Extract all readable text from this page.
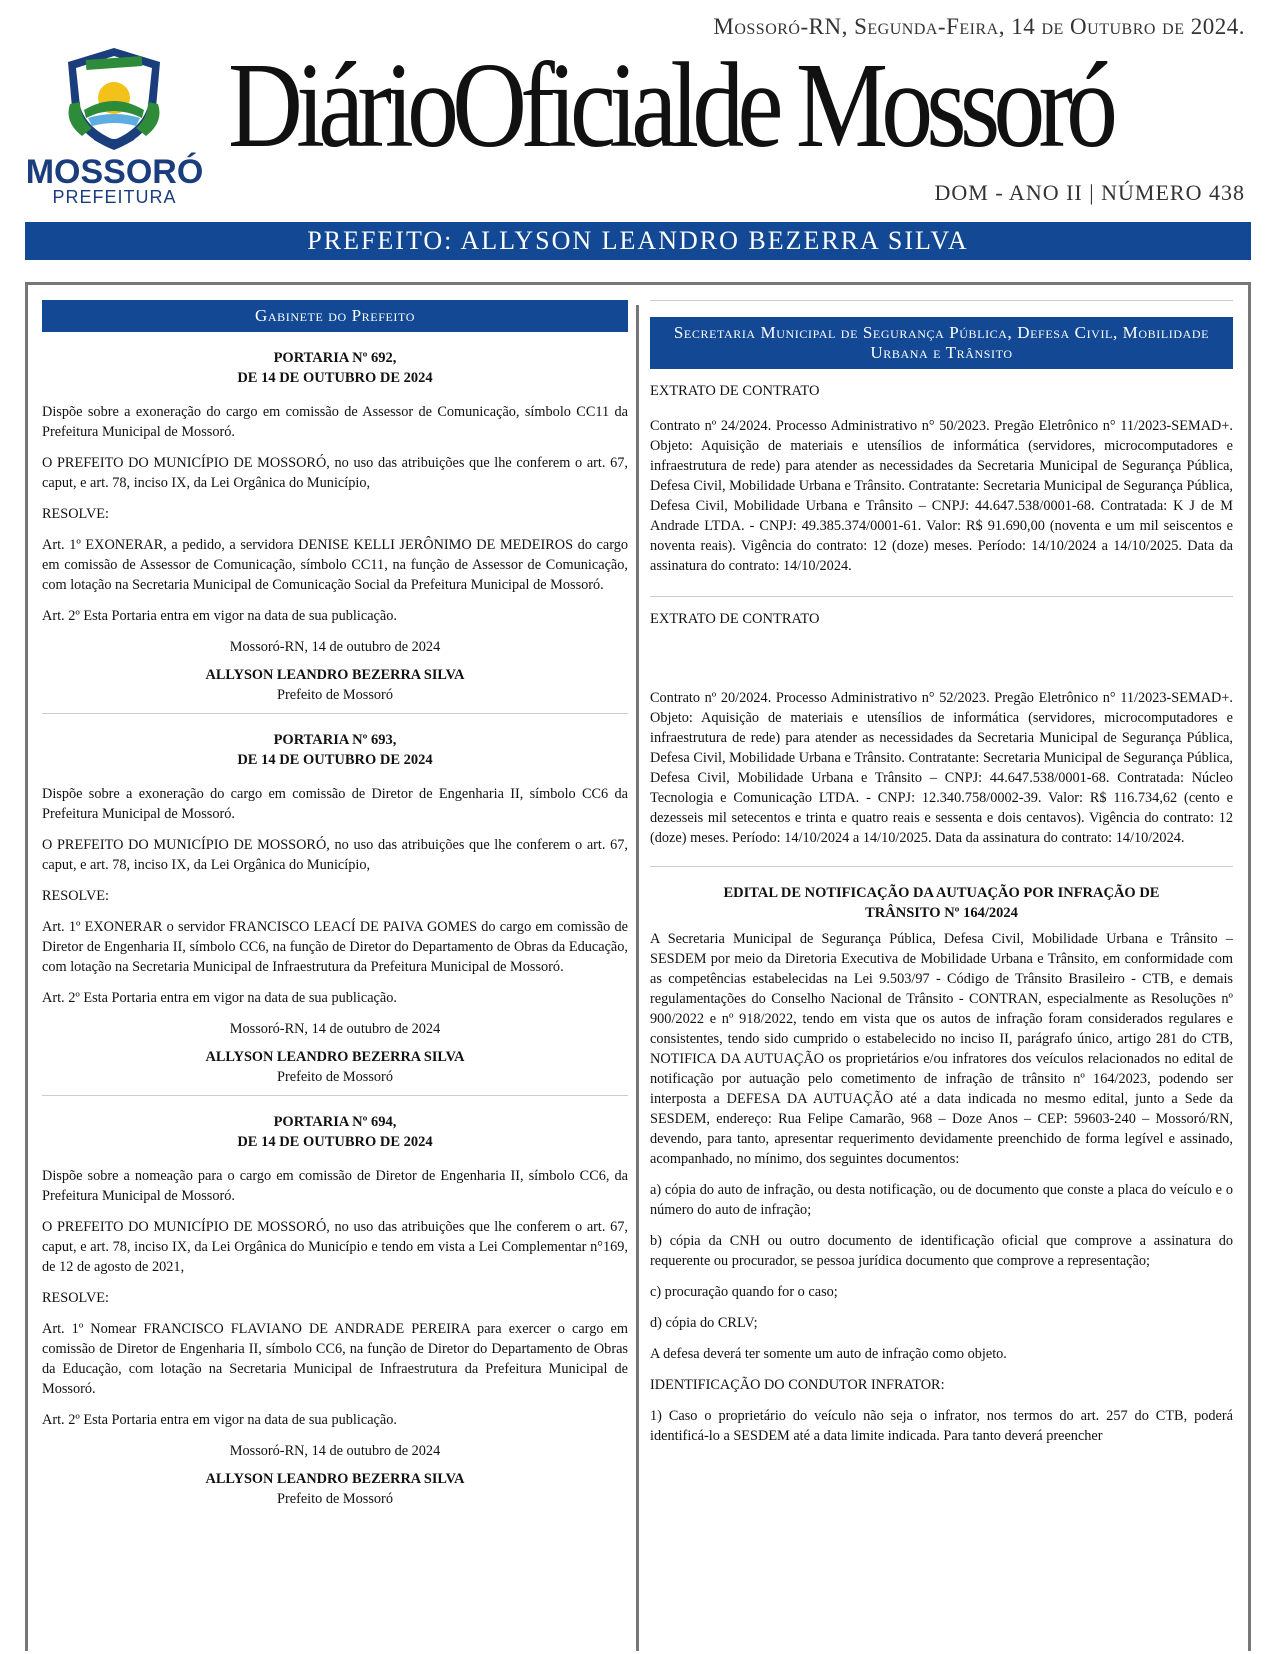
MOSSORÓ
PREFEITURA
Mossoró-RN, Segunda-Feira, 14 de Outubro de 2024.
DiárioOficialde Mossoró
DOM - ANO II | NÚMERO 438
PREFEITO: ALLYSON LEANDRO BEZERRA SILVA
Gabinete do Prefeito
PORTARIA Nº 692,
DE 14 DE OUTUBRO DE 2024

Dispõe sobre a exoneração do cargo em comissão de Assessor de Comunicação, símbolo CC11 da Prefeitura Municipal de Mossoró.

O PREFEITO DO MUNICÍPIO DE MOSSORÓ, no uso das atribuições que lhe conferem o art. 67, caput, e art. 78, inciso IX, da Lei Orgânica do Município,

RESOLVE:

Art. 1º EXONERAR, a pedido, a servidora DENISE KELLI JERÔNIMO DE MEDEIROS do cargo em comissão de Assessor de Comunicação, símbolo CC11, na função de Assessor de Comunicação, com lotação na Secretaria Municipal de Comunicação Social da Prefeitura Municipal de Mossoró.

Art. 2º Esta Portaria entra em vigor na data de sua publicação.

Mossoró-RN, 14 de outubro de 2024

ALLYSON LEANDRO BEZERRA SILVA
Prefeito de Mossoró
PORTARIA Nº 693,
DE 14 DE OUTUBRO DE 2024

Dispõe sobre a exoneração do cargo em comissão de Diretor de Engenharia II, símbolo CC6 da Prefeitura Municipal de Mossoró.

O PREFEITO DO MUNICÍPIO DE MOSSORÓ, no uso das atribuições que lhe conferem o art. 67, caput, e art. 78, inciso IX, da Lei Orgânica do Município,

RESOLVE:

Art. 1º EXONERAR o servidor FRANCISCO LEACÍ DE PAIVA GOMES do cargo em comissão de Diretor de Engenharia II, símbolo CC6, na função de Diretor do Departamento de Obras da Educação, com lotação na Secretaria Municipal de Infraestrutura da Prefeitura Municipal de Mossoró.

Art. 2º Esta Portaria entra em vigor na data de sua publicação.

Mossoró-RN, 14 de outubro de 2024

ALLYSON LEANDRO BEZERRA SILVA
Prefeito de Mossoró
PORTARIA Nº 694,
DE 14 DE OUTUBRO DE 2024

Dispõe sobre a nomeação para o cargo em comissão de Diretor de Engenharia II, símbolo CC6, da Prefeitura Municipal de Mossoró.

O PREFEITO DO MUNICÍPIO DE MOSSORÓ, no uso das atribuições que lhe conferem o art. 67, caput, e art. 78, inciso IX, da Lei Orgânica do Município e tendo em vista a Lei Complementar n°169, de 12 de agosto de 2021,

RESOLVE:

Art. 1º Nomear FRANCISCO FLAVIANO DE ANDRADE PEREIRA para exercer o cargo em comissão de Diretor de Engenharia II, símbolo CC6, na função de Diretor do Departamento de Obras da Educação, com lotação na Secretaria Municipal de Infraestrutura da Prefeitura Municipal de Mossoró.

Art. 2º Esta Portaria entra em vigor na data de sua publicação.

Mossoró-RN, 14 de outubro de 2024

ALLYSON LEANDRO BEZERRA SILVA
Prefeito de Mossoró
Secretaria Municipal de Segurança Pública, Defesa Civil, Mobilidade Urbana e Trânsito
EXTRATO DE CONTRATO

Contrato nº 24/2024. Processo Administrativo n° 50/2023. Pregão Eletrônico n° 11/2023-SEMAD+. Objeto: Aquisição de materiais e utensílios de informática (servidores, microcomputadores e infraestrutura de rede) para atender as necessidades da Secretaria Municipal de Segurança Pública, Defesa Civil, Mobilidade Urbana e Trânsito. Contratante: Secretaria Municipal de Segurança Pública, Defesa Civil, Mobilidade Urbana e Trânsito – CNPJ: 44.647.538/0001-68. Contratada: K J de M Andrade LTDA. - CNPJ: 49.385.374/0001-61. Valor: R$ 91.690,00 (noventa e um mil seiscentos e noventa reais). Vigência do contrato: 12 (doze) meses. Período: 14/10/2024 a 14/10/2025. Data da assinatura do contrato: 14/10/2024.

EXTRATO DE CONTRATO

Contrato nº 20/2024. Processo Administrativo n° 52/2023. Pregão Eletrônico n° 11/2023-SEMAD+. Objeto: Aquisição de materiais e utensílios de informática (servidores, microcomputadores e infraestrutura de rede) para atender as necessidades da Secretaria Municipal de Segurança Pública, Defesa Civil, Mobilidade Urbana e Trânsito. Contratante: Secretaria Municipal de Segurança Pública, Defesa Civil, Mobilidade Urbana e Trânsito – CNPJ: 44.647.538/0001-68. Contratada: Núcleo Tecnologia e Comunicação LTDA. - CNPJ: 12.340.758/0002-39. Valor: R$ 116.734,62 (cento e dezesseis mil setecentos e trinta e quatro reais e sessenta e dois centavos). Vigência do contrato: 12 (doze) meses. Período: 14/10/2024 a 14/10/2025. Data da assinatura do contrato: 14/10/2024.

EDITAL DE NOTIFICAÇÃO DA AUTUAÇÃO POR INFRAÇÃO DE
TRÂNSITO Nº 164/2024

A Secretaria Municipal de Segurança Pública, Defesa Civil, Mobilidade Urbana e Trânsito – SESDEM por meio da Diretoria Executiva de Mobilidade Urbana e Trânsito, em conformidade com as competências estabelecidas na Lei 9.503/97 - Código de Trânsito Brasileiro - CTB, e demais regulamentações do Conselho Nacional de Trânsito - CONTRAN, especialmente as Resoluções nº 900/2022 e nº 918/2022, tendo em vista que os autos de infração foram considerados regulares e consistentes, tendo sido cumprido o estabelecido no inciso II, parágrafo único, artigo 281 do CTB, NOTIFICA DA AUTUAÇÃO os proprietários e/ou infratores dos veículos relacionados no edital de notificação por autuação pelo cometimento de infração de trânsito nº 164/2023, podendo ser interposta a DEFESA DA AUTUAÇÃO até a data indicada no mesmo edital, junto a Sede da SESDEM, endereço: Rua Felipe Camarão, 968 – Doze Anos – CEP: 59603-240 – Mossoró/RN, devendo, para tanto, apresentar requerimento devidamente preenchido de forma legível e assinado, acompanhado, no mínimo, dos seguintes documentos:

a) cópia do auto de infração, ou desta notificação, ou de documento que conste a placa do veículo e o número do auto de infração;

b) cópia da CNH ou outro documento de identificação oficial que comprove a assinatura do requerente ou procurador, se pessoa jurídica documento que comprove a representação;

c) procuração quando for o caso;

d) cópia do CRLV;

A defesa deverá ter somente um auto de infração como objeto.

IDENTIFICAÇÃO DO CONDUTOR INFRATOR:

1) Caso o proprietário do veículo não seja o infrator, nos termos do art. 257 do CTB, poderá identificá-lo a SESDEM até a data limite indicada. Para tanto deverá preencher
